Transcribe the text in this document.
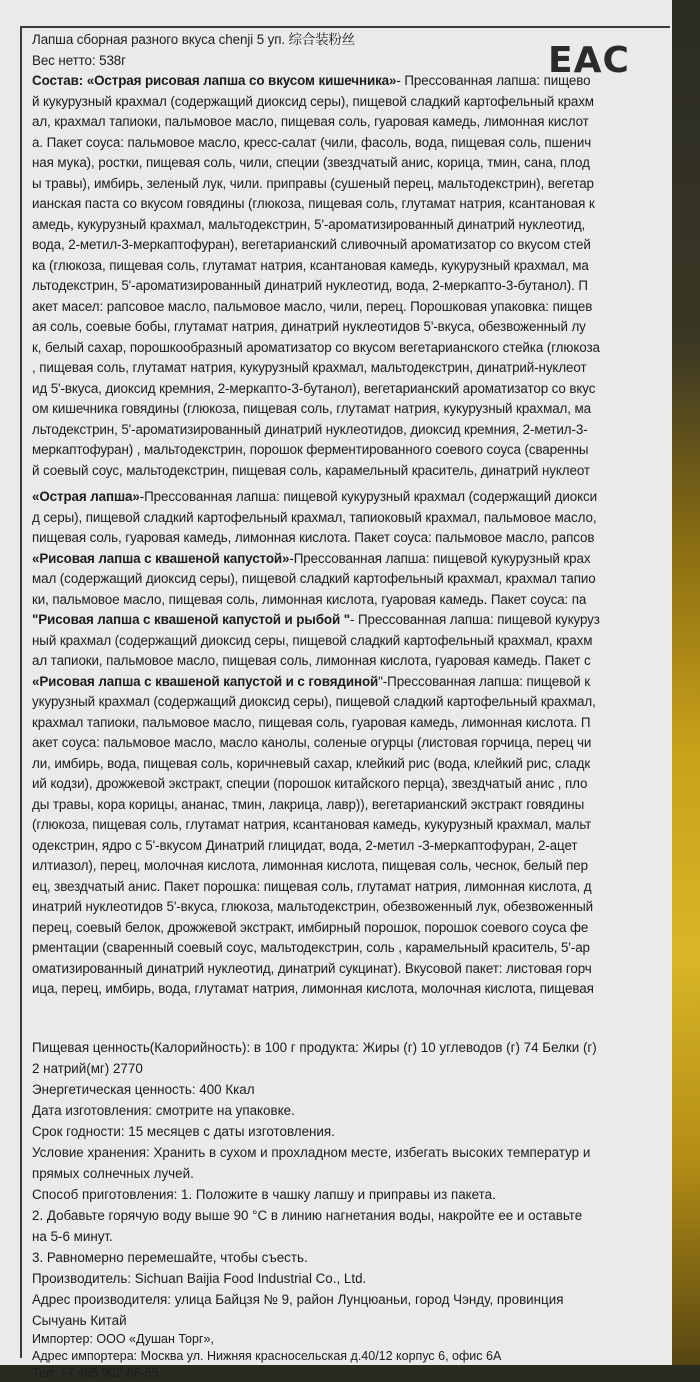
EAC
Лапша сборная разного вкуса chenji 5 уп. 综合装粉丝
Вес нетто: 538г
Состав: «Острая рисовая лапша со вкусом кишечника»- Прессованная лапша: пищево
й кукурузный крахмал (содержащий диоксид серы), пищевой сладкий картофельный крахм
ал, крахмал тапиоки, пальмовое масло, пищевая соль, гуаровая камедь, лимонная кислот
а. Пакет соуса: пальмовое масло, кресс-салат (чили, фасоль, вода, пищевая соль, пшенич
ная мука), ростки, пищевая соль, чили, специи (звездчатый анис, корица, тмин, сана, плод
ы травы), имбирь, зеленый лук, чили. приправы (сушеный перец, мальтодекстрин), вегетар
ианская паста со вкусом говядины (глюкоза, пищевая соль, глутамат натрия, ксантановая к
амедь, кукурузный крахмал, мальтодекстрин, 5'-ароматизированный динатрий нуклеотид,
вода, 2-метил-3-меркаптофуран), вегетарианский сливочный ароматизатор со вкусом стей
ка (глюкоза, пищевая соль, глутамат натрия, ксантановая камедь, кукурузный крахмал, ма
льтодекстрин, 5'-ароматизированный динатрий нуклеотид, вода, 2-меркапто-3-бутанол). П
акет масел: рапсовое масло, пальмовое масло, чили, перец. Порошковая упаковка: пищев
ая соль, соевые бобы, глутамат натрия, динатрий нуклеотидов 5'-вкуса, обезвоженный лу
к, белый сахар, порошкообразный ароматизатор со вкусом вегетарианского стейка (глюкоза
, пищевая соль, глутамат натрия, кукурузный крахмал, мальтодекстрин, динатрий-нуклеот
ид 5'-вкуса, диоксид кремния, 2-меркапто-3-бутанол), вегетарианский ароматизатор со вкус
ом кишечника говядины (глюкоза, пищевая соль, глутамат натрия, кукурузный крахмал, ма
льтодекстрин, 5'-ароматизированный динатрий нуклеотидов, диоксид кремния, 2-метил-3-
меркаптофуран) , мальтодекстрин, порошок ферментированного соевого соуса (сваренны
й соевый соус, мальтодекстрин, пищевая соль, карамельный краситель, динатрий нуклеот
«Острая лапша»-Прессованная лапша: пищевой кукурузный крахмал (содержащий диокси
д серы), пищевой сладкий картофельный крахмал, тапиоковый крахмал, пальмовое масло,
пищевая соль, гуаровая камедь, лимонная кислота. Пакет соуса: пальмовое масло, рапсов
«Рисовая лапша с квашеной капустой»-Прессованная лапша: пищевой кукурузный крах
мал (содержащий диоксид серы), пищевой сладкий картофельный крахмал, крахмал тапио
ки, пальмовое масло, пищевая соль, лимонная кислота, гуаровая камедь. Пакет соуса: па
"Рисовая лапша с квашеной капустой и рыбой "- Прессованная лапша: пищевой кукуруз
ный крахмал (содержащий диоксид серы, пищевой сладкий картофельный крахмал, крахм
ал тапиоки, пальмовое масло, пищевая соль, лимонная кислота, гуаровая камедь. Пакет с
«Рисовая лапша с квашеной капустой и с говядиной"-Прессованная лапша: пищевой к
укурузный крахмал (содержащий диоксид серы), пищевой сладкий картофельный крахмал,
крахмал тапиоки, пальмовое масло, пищевая соль, гуаровая камедь, лимонная кислота. П
акет соуса: пальмовое масло, масло канолы, соленые огурцы (листовая горчица, перец чи
ли, имбирь, вода, пищевая соль, коричневый сахар, клейкий рис (вода, клейкий рис, сладк
ий кодзи), дрожжевой экстракт, специи (порошок китайского перца), звездчатый анис , пло
ды травы, кора корицы, ананас, тмин, лакрица, лавр)), вегетарианский экстракт говядины
(глюкоза, пищевая соль, глутамат натрия, ксантановая камедь, кукурузный крахмал, мальт
одекстрин, ядро с 5'-вкусом Динатрий глицидат, вода, 2-метил -3-меркаптофуран, 2-ацет
илтиазол), перец, молочная кислота, лимонная кислота, пищевая соль, чеснок, белый пер
ец, звездчатый анис. Пакет порошка: пищевая соль, глутамат натрия, лимонная кислота, д
инатрий нуклеотидов 5'-вкуса, глюкоза, мальтодекстрин, обезвоженный лук, обезвоженный
перец, соевый белок, дрожжевой экстракт, имбирный порошок, порошок соевого соуса фе
рментации (сваренный соевый соус, мальтодекстрин, соль , карамельный краситель, 5'-ар
оматизированный динатрий нуклеотид, динатрий сукцинат). Вкусовой пакет: листовая горч
ица, перец, имбирь, вода, глутамат натрия, лимонная кислота, молочная кислота, пищевая
Пищевая ценность(Калорийность): в 100 г продукта: Жиры (г) 10 углеводов (г) 74 Белки (г)
2 натрий(мг) 2770
Энергетическая ценность: 400 Ккал
Дата изготовления: смотрите на упаковке.
Срок годности: 15 месяцев с даты изготовления.
Условие хранения: Хранить в сухом и прохладном месте, избегать высоких температур и
прямых солнечных лучей.
Способ приготовления: 1. Положите в чашку лапшу и приправы из пакета.
2. Добавьте горячую воду выше 90 °С в линию нагнетания воды, накройте ее и оставьте
на 5-6 минут.
3. Равномерно перемешайте, чтобы съесть.
Производитель: Sichuan Baijia Food Industrial Co., Ltd.
Адрес производителя: улица Байцзя № 9, район Лунцюаньи, город Чэнду, провинция
Сычуань Китай
Импортер: ООО «Душан Торг»,
Адрес импортера: Москва ул. Нижняя красносельская д.40/12 корпус 6, офис 6А
Тел: +7 495 902-66-55
